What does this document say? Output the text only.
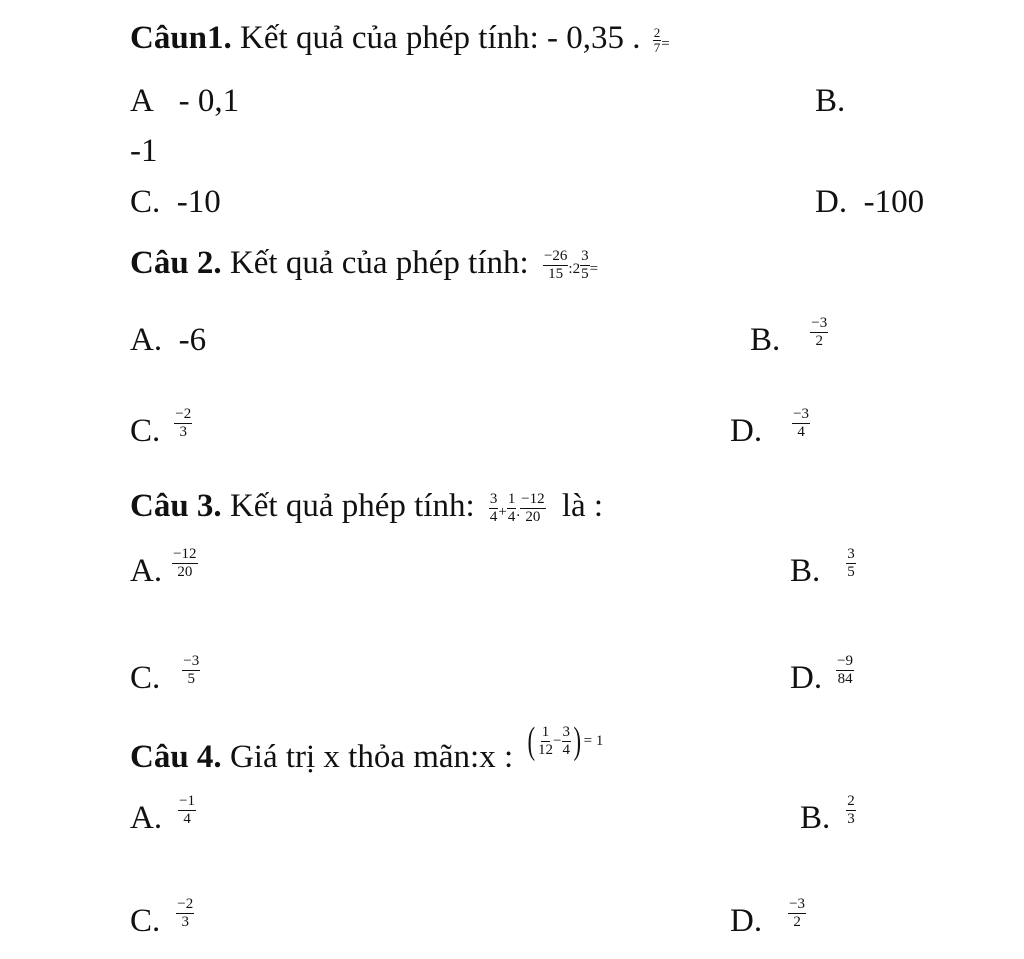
Câun1. Kết quả của phép tính: - 0,35 . $\frac{2}{7}$ =
A - 0,1	B.
-1
C. -10	D. -100
Câu 2. Kết quả của phép tính: $\frac{-26}{15}$ :2 $\frac{3}{5}$ =
A. -6	B. $\frac{-3}{2}$
C. $\frac{-2}{3}$	D. $\frac{-3}{4}$
Câu 3. Kết quả phép tính: $\frac{3}{4} + \frac{1}{4}$ . $\frac{-12}{20}$ là :
A. $\frac{-12}{20}$	B. $\frac{3}{5}$
C. $\frac{-3}{5}$	D. $\frac{-9}{84}$
Câu 4. Giá trị x thỏa mãn:x : ( $\frac{1}{12} - \frac{3}{4}$ ) = 1
A. $\frac{-1}{4}$	B. $\frac{2}{3}$
C. $\frac{-2}{3}$	D. $\frac{-3}{2}$
